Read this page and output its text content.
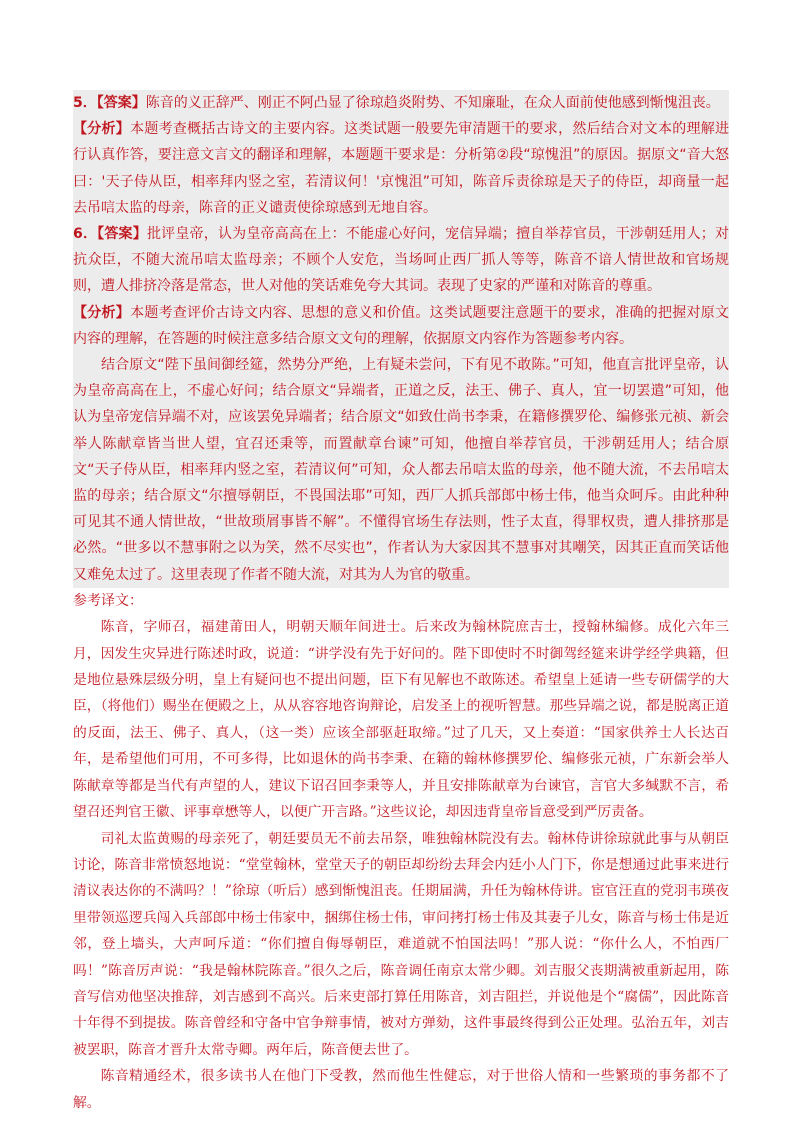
5．【答案】陈音的义正辞严、刚正不阿凸显了徐琼趋炎附势、不知廉耻，在众人面前使他感到惭愧沮丧。

【分析】本题考查概括古诗文的主要内容。这类试题一般要先审清题干的要求，然后结合对文本的理解进行认真作答，要注意文言文的翻译和理解，本题题干要求是：分析第②段“琼愧沮”的原因。据原文“音大怒曰：'天子侍从臣，相率拜内竖之室，若清议何！'京愧沮”可知，陈音斥责徐琼是天子的侍臣，却商量一起去吊唁太监的母亲，陈音的正义谴责使徐琼感到无地自容。

6．【答案】批评皇帝，认为皇帝高高在上：不能虚心好问，宠信异端；擅自举荐官员，干涉朝廷用人；对抗众臣，不随大流吊唁太监母亲；不顾个人安危，当场呵止西厂抓人等等，陈音不谙人情世故和官场规则，遭人排挤冷落是常态，世人对他的笑话难免夸大其词。表现了史家的严谨和对陈音的尊重。

【分析】本题考查评价古诗文内容、思想的意义和价值。这类试题要注意题干的要求，准确的把握对原文内容的理解，在答题的时候注意多结合原文文句的理解，依据原文内容作为答题参考内容。

结合原文“陛下虽间御经筵，然势分严绝，上有疑未尝问，下有见不敢陈。”可知，他直言批评皇帝，认为皇帝高高在上，不虚心好问；结合原文“异端者，正道之反，法王、佛子、真人，宜一切罢遣”可知，他认为皇帝宠信异端不对，应该罢免异端者；结合原文“如致仕尚书李秉，在籍修撰罗伦、编修张元祯、新会举人陈献章皆当世人望，宜召还秉等，而置献章台谏”可知，他擅自举荐官员，干涉朝廷用人；结合原文“天子侍从臣，相率拜内竖之室，若清议何”可知，众人都去吊唁太监的母亲，他不随大流，不去吊唁太监的母亲；结合原文“尔擅辱朝臣，不畏国法耶”可知，西厂人抓兵部郎中杨士伟，他当众呵斥。由此种种可见其不通人情世故，“世故琐屑事皆不解”。不懂得官场生存法则，性子太直，得罪权贵，遭人排挤那是必然。“世多以不慧事附之以为笑，然不尽实也”，作者认为大家因其不慧事对其嘲笑，因其正直而笑话他又难免太过了。这里表现了作者不随大流，对其为人为官的敬重。

参考译文：

陈音，字师召，福建莆田人，明朝天顺年间进士。后来改为翰林院庶吉士，授翰林编修。成化六年三月，因发生灾异进行陈述时政，说道：“讲学没有先于好问的。陛下即使时不时御驾经筵来讲学经学典籍，但是地位悬殊层级分明，皇上有疑问也不提出问题，臣下有见解也不敢陈述。希望皇上延请一些专研儒学的大臣，（将他们）赐坐在便殿之上，从从容容地咨询辩论，启发圣上的视听智慧。那些异端之说，都是脱离正道的反面，法王、佛子、真人，（这一类）应该全部驱赶取缔。”过了几天，又上奏道：“国家供养士人长达百年，是希望他们可用，不可多得，比如退休的尚书李秉、在籍的翰林修撰罗伦、编修张元祯，广东新会举人陈献章等都是当代有声望的人，建议下诏召回李秉等人，并且安排陈献章为台谏官，言官大多缄默不言，希望召还判官王徽、评事章懋等人，以便广开言路。”这些议论，却因违背皇帝旨意受到严厉责备。

司礼太监黄赐的母亲死了，朝廷要员无不前去吊祭，唯独翰林院没有去。翰林侍讲徐琼就此事与从朝臣讨论，陈音非常愤怒地说：“堂堂翰林，堂堂天子的朝臣却纷纷去拜会内廷小人门下，你是想通过此事来进行清议表达你的不满吗？！”徐琼（听后）感到惭愧沮丧。任期届满，升任为翰林侍讲。宦官汪直的党羽韦瑛夜里带领巡逻兵闯入兵部郎中杨士伟家中，捆绑住杨士伟，审问拷打杨士伟及其妻子儿女，陈音与杨士伟是近邻，登上墙头，大声呵斥道：“你们擅自侮辱朝臣，难道就不怕国法吗！”那人说：“你什么人，不怕西厂吗！”陈音厉声说：“我是翰林院陈音。”很久之后，陈音调任南京太常少卿。刘吉服父丧期满被重新起用，陈音写信劝他坚决推辞，刘吉感到不高兴。后来吏部打算任用陈音，刘吉阻拦，并说他是个“腐儒”，因此陈音十年得不到提拔。陈音曾经和守备中官争辩事情，被对方弹劾，这件事最终得到公正处理。弘治五年，刘吉被罢职，陈音才晋升太常寺卿。两年后，陈音便去世了。

陈音精通经术，很多读书人在他门下受教，然而他生性健忘，对于世俗人情和一些繁琐的事务都不了解。
